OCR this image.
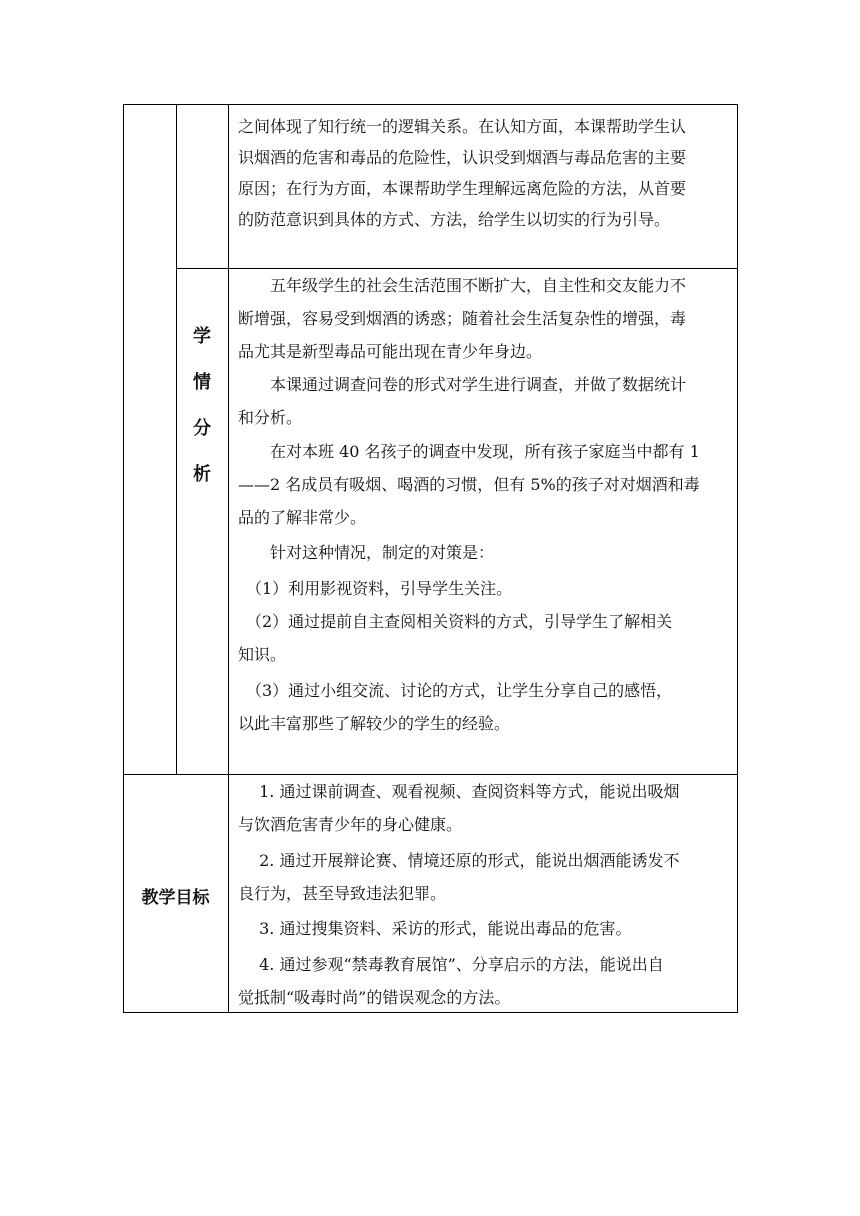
之间体现了知行统一的逻辑关系。在认知方面，本课帮助学生认
识烟酒的危害和毒品的危险性，认识受到烟酒与毒品危害的主要
原因；在行为方面，本课帮助学生理解远离危险的方法，从首要
的防范意识到具体的方式、方法，给学生以切实的行为引导。
学
情
分
析
　　五年级学生的社会生活范围不断扩大，自主性和交友能力不
断增强，容易受到烟酒的诱惑；随着社会生活复杂性的增强，毒
品尤其是新型毒品可能出现在青少年身边。
　　本课通过调查问卷的形式对学生进行调查，并做了数据统计
和分析。
　　在对本班 40 名孩子的调查中发现，所有孩子家庭当中都有 1
——2 名成员有吸烟、喝酒的习惯，但有 5%的孩子对对烟酒和毒
品的了解非常少。
　　针对这种情况，制定的对策是：
　（1）利用影视资料，引导学生关注。
　（2）通过提前自主查阅相关资料的方式，引导学生了解相关
知识。
　（3）通过小组交流、讨论的方式，让学生分享自己的感悟，
以此丰富那些了解较少的学生的经验。
教学目标
　 1. 通过课前调查、观看视频、查阅资料等方式，能说出吸烟
与饮酒危害青少年的身心健康。
　 2. 通过开展辩论赛、情境还原的形式，能说出烟酒能诱发不
良行为，甚至导致违法犯罪。
　 3. 通过搜集资料、采访的形式，能说出毒品的危害。
　 4. 通过参观“禁毒教育展馆”、分享启示的方法，能说出自
觉抵制“吸毒时尚”的错误观念的方法。
